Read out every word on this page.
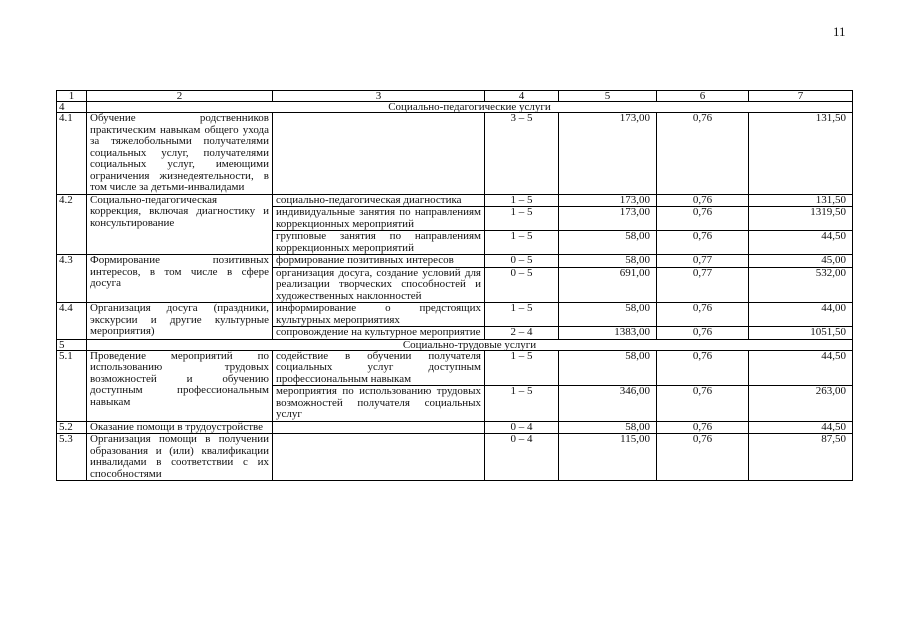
11
1	2	3	4	5	6	7
4	Социально-педагогические услуги					
4.1	Обучение родственников практическим навыкам общего ухода за тяжелобольными получателями социальных услуг, получателями социальных услуг, имеющими ограничения жизнедеятельности, в том числе за детьми-инвалидами		3 – 5	173,00	0,76	131,50
4.2	Социально-педагогическая коррекция, включая диагностику и консультирование	социально-педагогическая диагностика	1 – 5	173,00	0,76	131,50
		индивидуальные занятия по направлениям коррекционных мероприятий	1 – 5	173,00	0,76	1319,50
		групповые занятия по направлениям коррекционных мероприятий	1 – 5	58,00	0,76	44,50
4.3	Формирование позитивных интересов, в том числе в сфере досуга	формирование позитивных интересов	0 – 5	58,00	0,77	45,00
		организация досуга, создание условий для реализации творческих способностей и художественных наклонностей	0 – 5	691,00	0,77	532,00
4.4	Организация досуга (праздники, экскурсии и другие культурные мероприятия)	информирование о предстоящих культурных мероприятиях	1 – 5	58,00	0,76	44,00
		сопровождение на культурное мероприятие	2 – 4	1383,00	0,76	1051,50
5	Социально-трудовые услуги					
5.1	Проведение мероприятий по использованию трудовых возможностей и обучению доступным профессиональным навыкам	содействие в обучении получателя социальных услуг доступным профессиональным навыкам	1 – 5	58,00	0,76	44,50
		мероприятия по использованию трудовых возможностей получателя социальных услуг	1 – 5	346,00	0,76	263,00
5.2	Оказание помощи в трудоустройстве		0 – 4	58,00	0,76	44,50
5.3	Организация помощи в получении образования и (или) квалификации инвалидами в соответствии с их способностями		0 – 4	115,00	0,76	87,50
